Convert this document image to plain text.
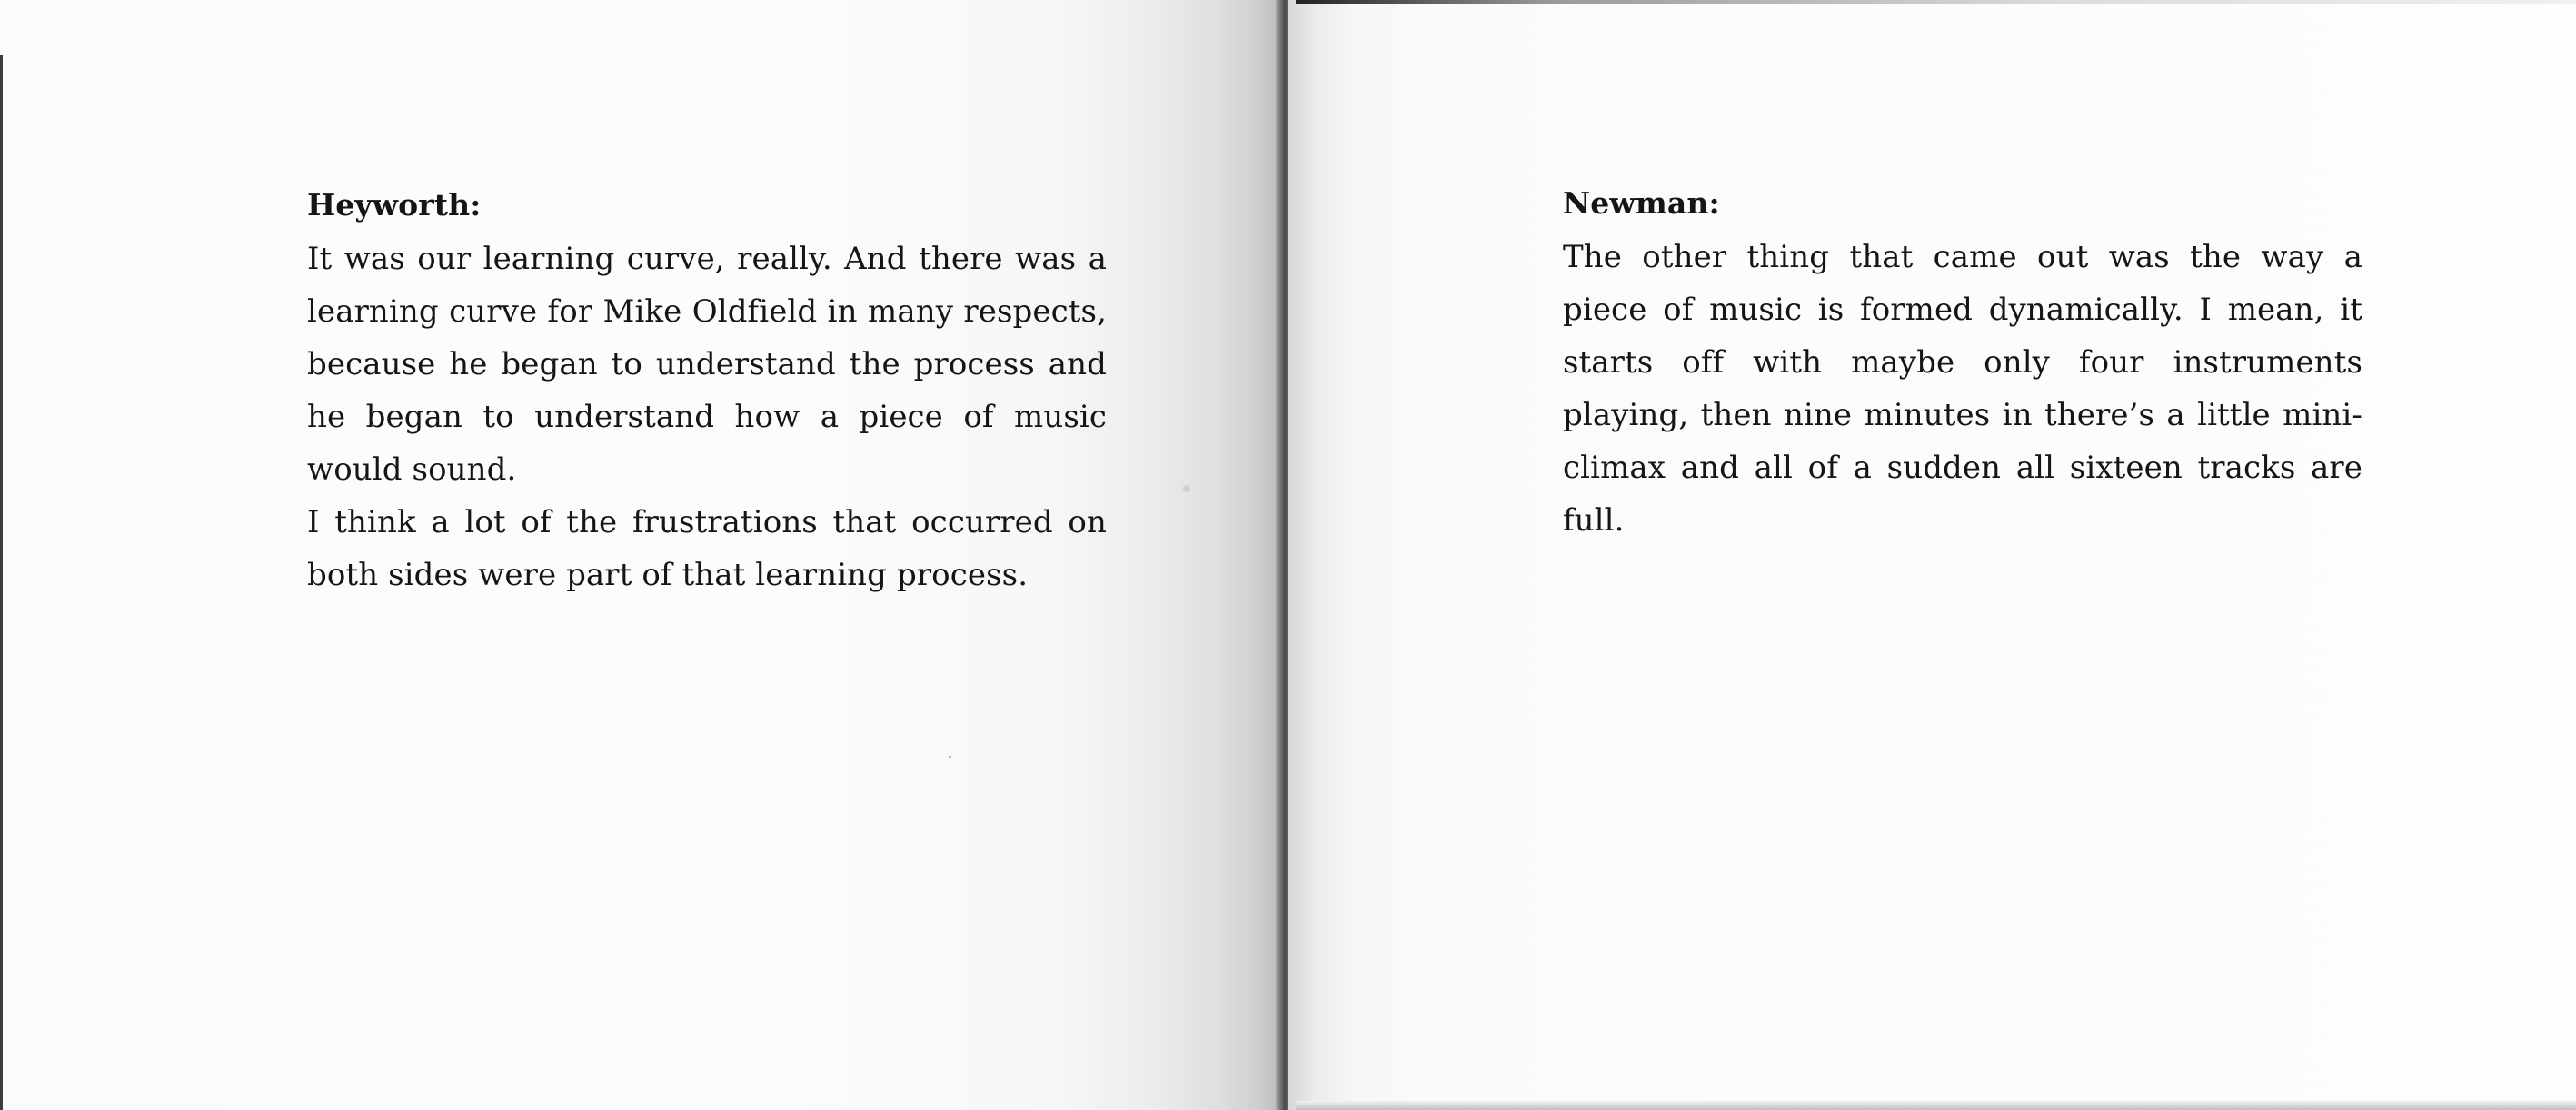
Heyworth:

It was our learning curve, really. And there was a learning curve for Mike Oldfield in many respects, because he began to understand the process and he began to understand how a piece of music would sound.

I think a lot of the frustrations that occurred on both sides were part of that learning process.

Newman:

The other thing that came out was the way a piece of music is formed dynamically. I mean, it starts off with maybe only four instruments playing, then nine minutes in there’s a little mini-climax and all of a sudden all sixteen tracks are full.
